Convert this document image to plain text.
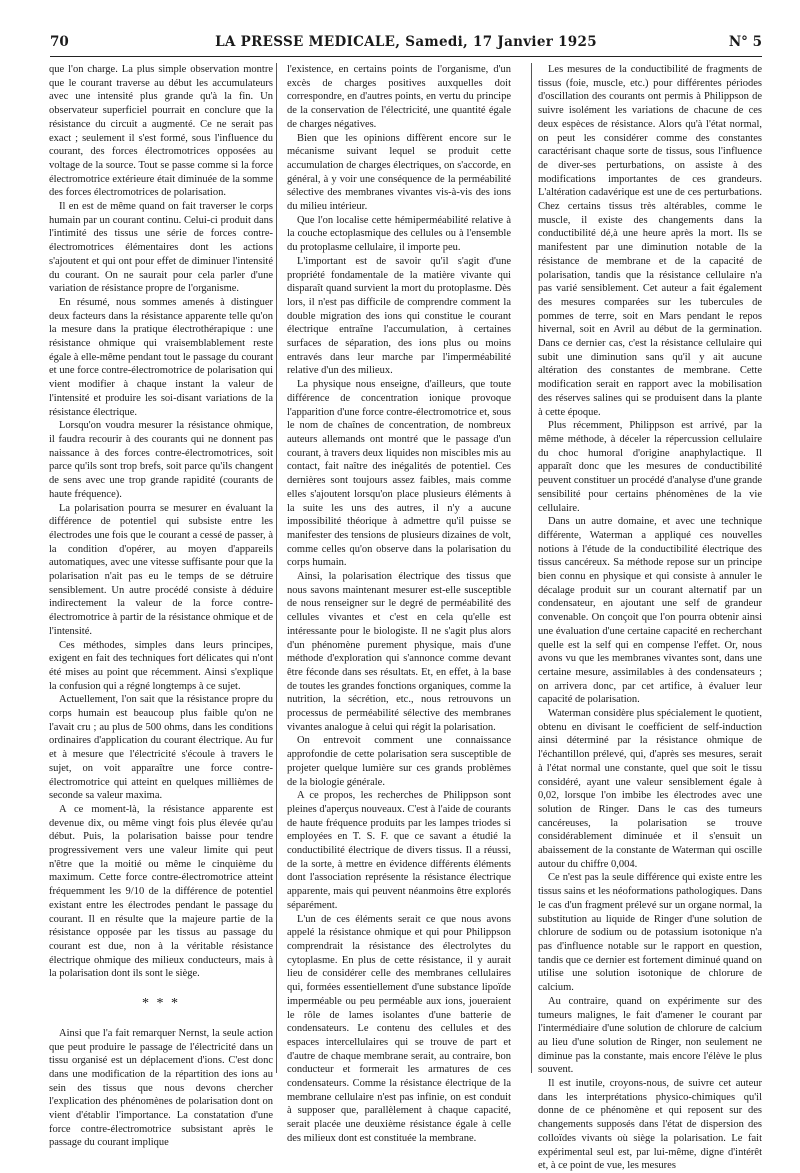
70	LA PRESSE MEDICALE, Samedi, 17 Janvier 1925	N° 5

que l'on charge. La plus simple observation montre que le courant traverse au début les accumulateurs avec une intensité plus grande qu'à la fin. Un observateur superficiel pourrait en conclure que la résistance du circuit a augmenté. Ce ne serait pas exact ; seulement il s'est formé, sous l'influence du courant, des forces électromotrices opposées au voltage de la source. Tout se passe comme si la force électromotrice extérieure était diminuée de la somme des forces électromotrices de polarisation.

Il en est de même quand on fait traverser le corps humain par un courant continu. Celui-ci produit dans l'intimité des tissus une série de forces contre-électromotrices élémentaires dont les actions s'ajoutent et qui ont pour effet de diminuer l'intensité du courant. On ne saurait pour cela parler d'une variation de résistance propre de l'organisme.

En résumé, nous sommes amenés à distinguer deux facteurs dans la résistance apparente telle qu'on la mesure dans la pratique électrothérapique : une résistance ohmique qui vraisemblablement reste égale à elle-même pendant tout le passage du courant et une force contre-électromotrice de polarisation qui vient modifier à chaque instant la valeur de l'intensité et produire les soi-disant variations de la résistance électrique.

Lorsqu'on voudra mesurer la résistance ohmique, il faudra recourir à des courants qui ne donnent pas naissance à des forces contre-électromotrices, soit parce qu'ils sont trop brefs, soit parce qu'ils changent de sens avec une trop grande rapidité (courants de haute fréquence).

La polarisation pourra se mesurer en évaluant la différence de potentiel qui subsiste entre les électrodes une fois que le courant a cessé de passer, à la condition d'opérer, au moyen d'appareils automatiques, avec une vitesse suffisante pour que la polarisation n'ait pas eu le temps de se détruire sensiblement. Un autre procédé consiste à déduire indirectement la valeur de la force contre-électromotrice à partir de la résistance ohmique et de l'intensité.

Ces méthodes, simples dans leurs principes, exigent en fait des techniques fort délicates qui n'ont été mises au point que récemment. Ainsi s'explique la confusion qui a régné longtemps à ce sujet.

Actuellement, l'on sait que la résistance propre du corps humain est beaucoup plus faible qu'on ne l'avait cru ; au plus de 500 ohms, dans les conditions ordinaires d'application du courant électrique. Au fur et à mesure que l'électricité s'écoule à travers le sujet, on voit apparaître une force contre-électromotrice qui atteint en quelques millièmes de seconde sa valeur maxima.

A ce moment-là, la résistance apparente est devenue dix, ou même vingt fois plus élevée qu'au début. Puis, la polarisation baisse pour tendre progressivement vers une valeur limite qui peut n'être que la moitié ou même le cinquième du maximum. Cette force contre-électromotrice atteint fréquemment les 9/10 de la différence de potentiel existant entre les électrodes pendant le passage du courant. Il en résulte que la majeure partie de la résistance opposée par les tissus au passage du courant est due, non à la véritable résistance électrique ohmique des milieux conducteurs, mais à la polarisation dont ils sont le siège.

* * *

Ainsi que l'a fait remarquer Nernst, la seule action que peut produire le passage de l'électricité dans un tissu organisé est un déplacement d'ions. C'est donc dans une modification de la répartition des ions au sein des tissus que nous devons chercher l'explication des phénomènes de polarisation dont on vient d'établir l'importance. La constatation d'une force contre-électromotrice subsistant après le passage du courant implique

l'existence, en certains points de l'organisme, d'un excès de charges positives auxquelles doit correspondre, en d'autres points, en vertu du principe de la conservation de l'électricité, une quantité égale de charges négatives.

Bien que les opinions diffèrent encore sur le mécanisme suivant lequel se produit cette accumulation de charges électriques, on s'accorde, en général, à y voir une conséquence de la perméabilité sélective des membranes vivantes vis-à-vis des ions du milieu intérieur.

Que l'on localise cette hémiperméabilité relative à la couche ectoplasmique des cellules ou à l'ensemble du protoplasme cellulaire, il importe peu.

L'important est de savoir qu'il s'agit d'une propriété fondamentale de la matière vivante qui disparaît quand survient la mort du protoplasme. Dès lors, il n'est pas difficile de comprendre comment la double migration des ions qui constitue le courant électrique entraîne l'accumulation, à certaines surfaces de séparation, des ions plus ou moins entravés dans leur marche par l'imperméabilité relative d'un des milieux.

La physique nous enseigne, d'ailleurs, que toute différence de concentration ionique provoque l'apparition d'une force contre-électromotrice et, sous le nom de chaînes de concentration, de nombreux auteurs allemands ont montré que le passage d'un courant, à travers deux liquides non miscibles mis au contact, fait naître des inégalités de potentiel. Ces dernières sont toujours assez faibles, mais comme elles s'ajoutent lorsqu'on place plusieurs éléments à la suite les uns des autres, il n'y a aucune impossibilité théorique à admettre qu'il puisse se manifester des tensions de plusieurs dizaines de volt, comme celles qu'on observe dans la polarisation du corps humain.

Ainsi, la polarisation électrique des tissus que nous savons maintenant mesurer est-elle susceptible de nous renseigner sur le degré de perméabilité des cellules vivantes et c'est en cela qu'elle est intéressante pour le biologiste. Il ne s'agit plus alors d'un phénomène purement physique, mais d'une méthode d'exploration qui s'annonce comme devant être féconde dans ses résultats. Et, en effet, à la base de toutes les grandes fonctions organiques, comme la nutrition, la sécrétion, etc., nous retrouvons un processus de perméabilité sélective des membranes vivantes analogue à celui qui régit la polarisation.

On entrevoit comment une connaissance approfondie de cette polarisation sera susceptible de projeter quelque lumière sur ces grands problèmes de la biologie générale.

A ce propos, les recherches de Philippson sont pleines d'aperçus nouveaux. C'est à l'aide de courants de haute fréquence produits par les lampes triodes si employées en T. S. F. que ce savant a étudié la conductibilité électrique de divers tissus. Il a réussi, de la sorte, à mettre en évidence différents éléments dont l'association représente la résistance électrique apparente, mais qui peuvent néanmoins être explorés séparément.

L'un de ces éléments serait ce que nous avons appelé la résistance ohmique et qui pour Philippson comprendrait la résistance des électrolytes du cytoplasme. En plus de cette résistance, il y aurait lieu de considérer celle des membranes cellulaires qui, formées essentiellement d'une substance lipoïde imperméable ou peu perméable aux ions, joueraient le rôle de lames isolantes d'une batterie de condensateurs. Le contenu des cellules et des espaces intercellulaires qui se trouve de part et d'autre de chaque membrane serait, au contraire, bon conducteur et formerait les armatures de ces condensateurs. Comme la résistance électrique de la membrane cellulaire n'est pas infinie, on est conduit à supposer que, parallèlement à chaque capacité, serait placée une deuxième résistance égale à celle des milieux dont est constituée la membrane.

Les mesures de la conductibilité de fragments de tissus (foie, muscle, etc.) pour différentes périodes d'oscillation des courants ont permis à Philippson de suivre isolément les variations de chacune de ces deux espèces de résistance. Alors qu'à l'état normal, on peut les considérer comme des constantes caractérisant chaque sorte de tissus, sous l'influence de diver-ses perturbations, on assiste à des modifications importantes de ces grandeurs. L'altération cadavérique est une de ces perturbations. Chez certains tissus très altérables, comme le muscle, il existe des changements dans la conductibilité dé,à une heure après la mort. Ils se manifestent par une diminution notable de la résistance de membrane et de la capacité de polarisation, tandis que la résistance cellulaire n'a pas varié sensiblement. Cet auteur a fait également des mesures comparées sur les tubercules de pommes de terre, soit en Mars pendant le repos hivernal, soit en Avril au début de la germination. Dans ce dernier cas, c'est la résistance cellulaire qui subit une diminution sans qu'il y ait aucune altération des constantes de membrane. Cette modification serait en rapport avec la mobilisation des réserves salines qui se produisent dans la plante à cette époque.

Plus récemment, Philippson est arrivé, par la même méthode, à déceler la répercussion cellulaire du choc humoral d'origine anaphylactique. Il apparaît donc que les mesures de conductibilité peuvent constituer un procédé d'analyse d'une grande sensibilité pour certains phénomènes de la vie cellulaire.

Dans un autre domaine, et avec une technique différente, Waterman a appliqué ces nouvelles notions à l'étude de la conductibilité électrique des tissus cancéreux. Sa méthode repose sur un principe bien connu en physique et qui consiste à annuler le décalage produit sur un courant alternatif par un condensateur, en ajoutant une self de grandeur convenable. On conçoit que l'on pourra obtenir ainsi une évaluation d'une certaine capacité en recherchant quelle est la self qui en compense l'effet. Or, nous avons vu que les membranes vivantes sont, dans une certaine mesure, assimilables à des condensateurs ; on arrivera donc, par cet artifice, à évaluer leur capacité de polarisation.

Waterman considère plus spécialement le quotient, obtenu en divisant le coefficient de self-induction ainsi déterminé par la résistance ohmique de l'échantillon prélevé, qui, d'après ses mesures, serait à l'état normal une constante, quel que soit le tissu considéré, ayant une valeur sensiblement égale à 0,02, lorsque l'on imbibe les électrodes avec une solution de Ringer. Dans le cas des tumeurs cancéreuses, la polarisation se trouve considérablement diminuée et il s'ensuit un abaissement de la constante de Waterman qui oscille autour du chiffre 0,004.

Ce n'est pas la seule différence qui existe entre les tissus sains et les néoformations pathologiques. Dans le cas d'un fragment prélevé sur un organe normal, la substitution au liquide de Ringer d'une solution de chlorure de sodium ou de potassium isotonique n'a pas d'influence notable sur le rapport en question, tandis que ce dernier est fortement diminué quand on utilise une solution isotonique de chlorure de calcium.

Au contraire, quand on expérimente sur des tumeurs malignes, le fait d'amener le courant par l'intermédiaire d'une solution de chlorure de calcium au lieu d'une solution de Ringer, non seulement ne diminue pas la constante, mais encore l'élève le plus souvent.

Il est inutile, croyons-nous, de suivre cet auteur dans les interprétations physico-chimiques qu'il donne de ce phénomène et qui reposent sur des changements supposés dans l'état de dispersion des colloïdes vivants où siège la polarisation. Le fait expérimental seul est, par lui-même, digne d'intérêt et, à ce point de vue, les mesures
